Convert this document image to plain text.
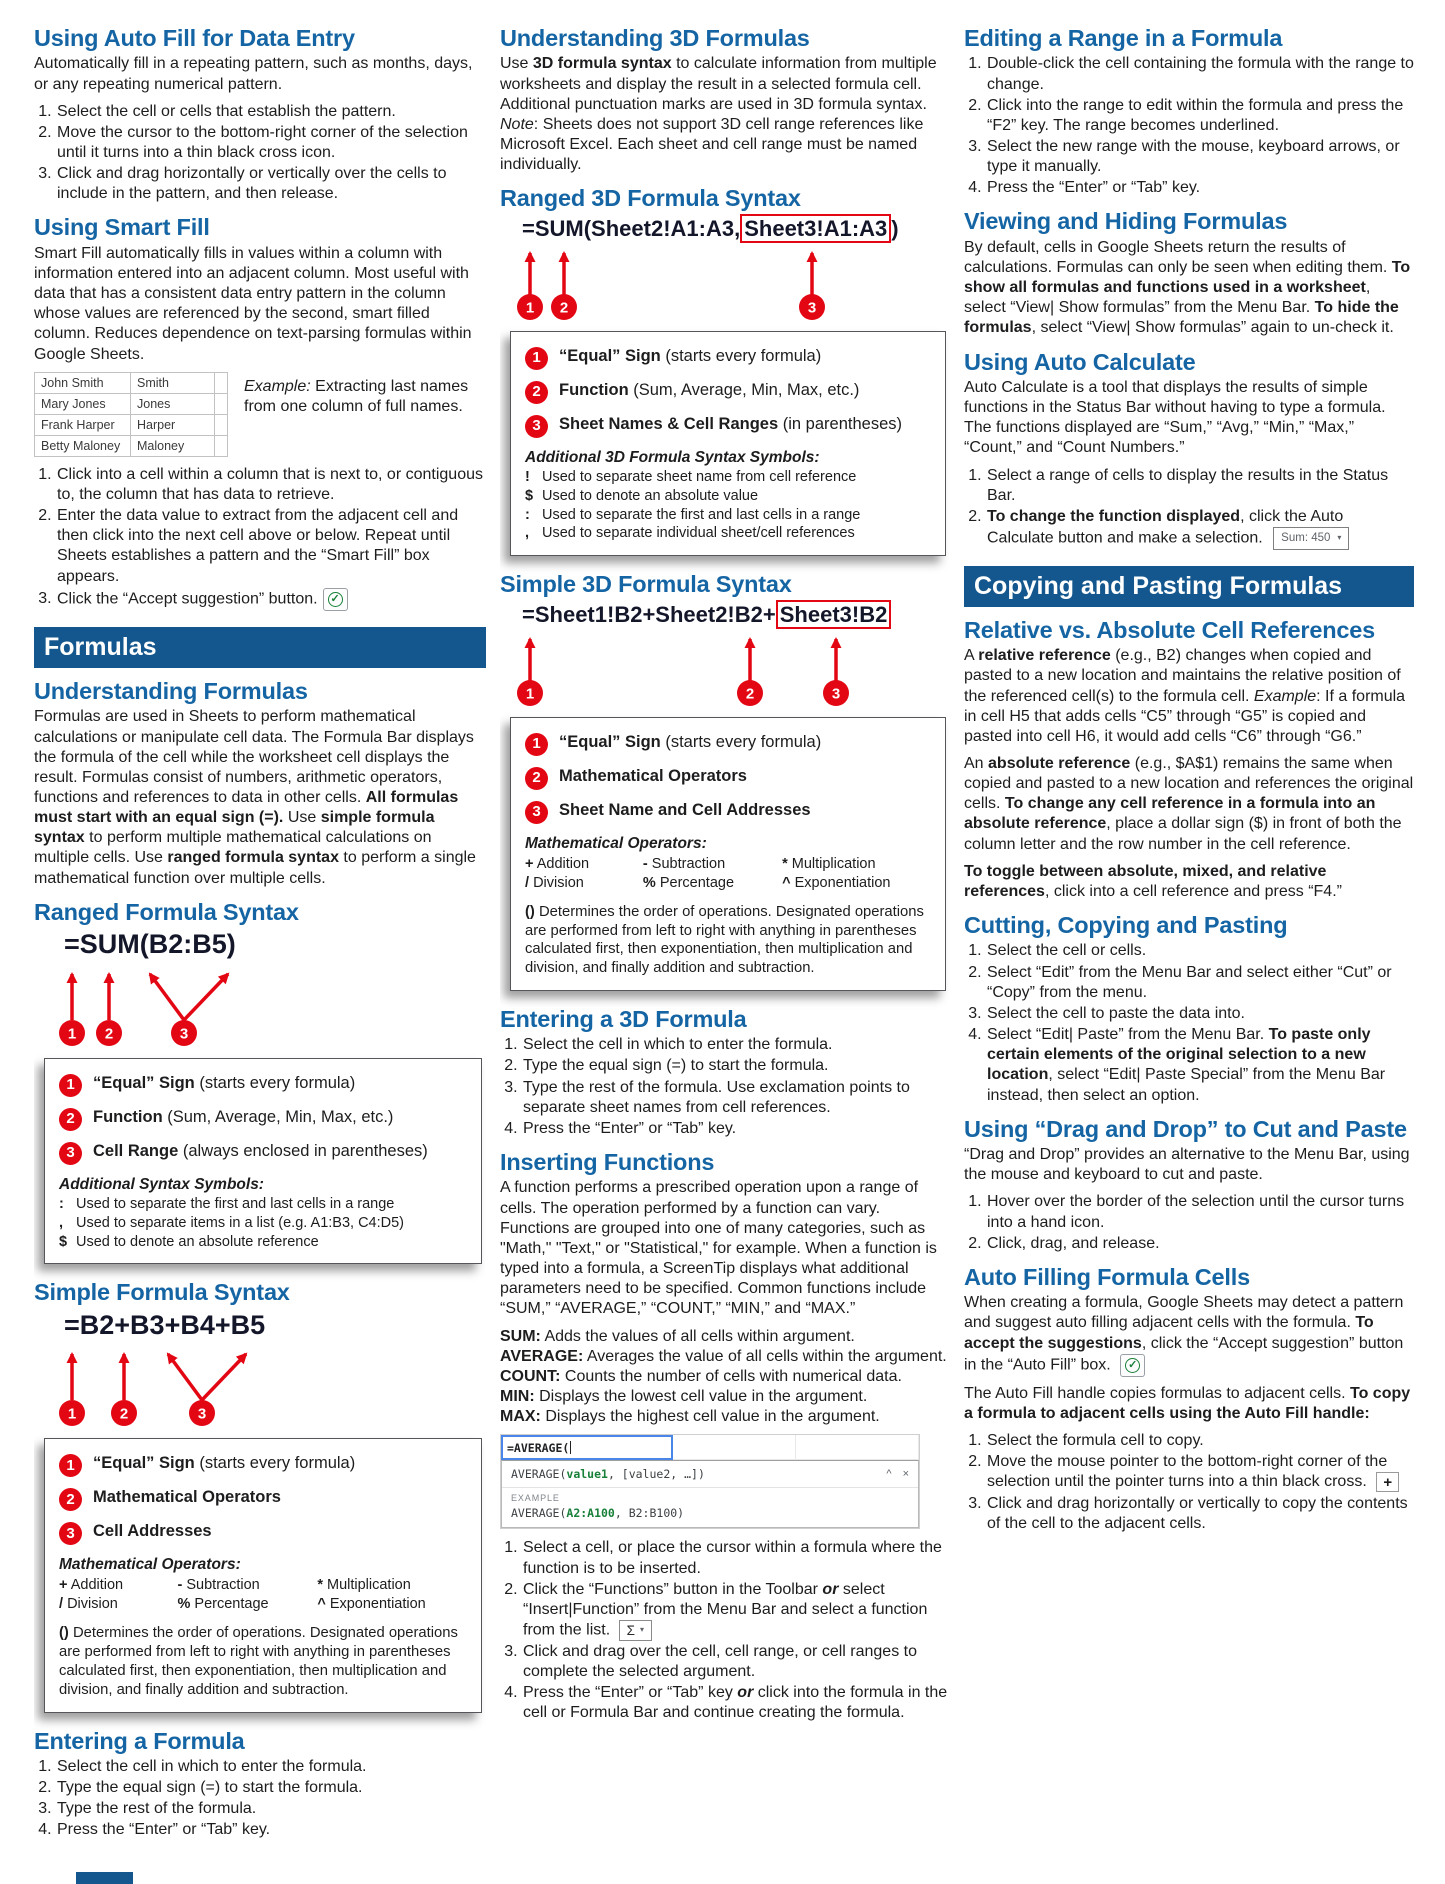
Using Auto Fill for Data Entry

Automatically fill in a repeating pattern, such as months, days, or any repeating numerical pattern.

1. Select the cell or cells that establish the pattern.
2. Move the cursor to the bottom-right corner of the selection until it turns into a thin black cross icon.
3. Click and drag horizontally or vertically over the cells to include in the pattern, and then release.
Using Smart Fill

Smart Fill automatically fills in values within a column with information entered into an adjacent column. Most useful with data that has a consistent data entry pattern in the column whose values are referenced by the second, smart filled column. Reduces dependence on text-parsing formulas within Google Sheets.

John Smith	Smith	
Mary Jones	Jones	
Frank Harper	Harper	
Betty Maloney	Maloney	
Example: Extracting last names from one column of full names.
1. Click into a cell within a column that is next to, or contiguous to, the column that has data to retrieve.
2. Enter the data value to extract from the adjacent cell and then click into the next cell above or below. Repeat until Sheets establishes a pattern and the “Smart Fill” box appears.
3. Click the “Accept suggestion” button. ✓
Formulas
Understanding Formulas

Formulas are used in Sheets to perform mathematical calculations or manipulate cell data. The Formula Bar displays the formula of the cell while the worksheet cell displays the result. Formulas consist of numbers, arithmetic operators, functions and references to data in other cells. All formulas must start with an equal sign (=). Use simple formula syntax to perform multiple mathematical calculations on multiple cells. Use ranged formula syntax to perform a single mathematical function over multiple cells.

Ranged Formula Syntax
=SUM(B2:B5)
1 2	3
1	“Equal” Sign (starts every formula)
2	Function (Sum, Average, Min, Max, etc.)
3	Cell Range (always enclosed in parentheses)
Additional Syntax Symbols:
: Used to separate the first and last cells in a range
, Used to separate items in a list (e.g. A1:B3, C4:D5)
$ Used to denote an absolute reference
Simple Formula Syntax
=B2+B3+B4+B5
1	2	3
1	“Equal” Sign (starts every formula)
2	Mathematical Operators
3	Cell Addresses
Mathematical Operators:
+ Addition	- Subtraction	* Multiplication
/ Division	% Percentage	^ Exponentiation

() Determines the order of operations. Designated operations are performed from left to right with anything in parentheses calculated first, then exponentiation, then multiplication and division, and finally addition and subtraction.

Entering a Formula
1. Select the cell in which to enter the formula.
2. Type the equal sign (=) to start the formula.
3. Type the rest of the formula.
4. Press the “Enter” or “Tab” key.
Understanding 3D Formulas

Use 3D formula syntax to calculate information from multiple worksheets and display the result in a selected formula cell. Additional punctuation marks are used in 3D formula syntax. Note: Sheets does not support 3D cell range references like Microsoft Excel. Each sheet and cell range must be named individually.

Ranged 3D Formula Syntax
=SUM(Sheet2!A1:A3, Sheet3!A1:A3 )
1 2	3
1	“Equal” Sign (starts every formula)
2	Function (Sum, Average, Min, Max, etc.)
3	Sheet Names & Cell Ranges (in parentheses)
Additional 3D Formula Syntax Symbols:
! Used to separate sheet name from cell reference
$ Used to denote an absolute value
: Used to separate the first and last cells in a range
, Used to separate individual sheet/cell references
Simple 3D Formula Syntax
=Sheet1!B2+Sheet2!B2+ Sheet3!B2
1	2	3
1	“Equal” Sign (starts every formula)
2	Mathematical Operators
3	Sheet Name and Cell Addresses
Mathematical Operators:
+ Addition	- Subtraction	* Multiplication
/ Division	% Percentage	^ Exponentiation

() Determines the order of operations. Designated operations are performed from left to right with anything in parentheses calculated first, then exponentiation, then multiplication and division, and finally addition and subtraction.

Entering a 3D Formula
1. Select the cell in which to enter the formula.
2. Type the equal sign (=) to start the formula.
3. Type the rest of the formula. Use exclamation points to separate sheet names from cell references.
4. Press the “Enter” or “Tab” key.
Inserting Functions

A function performs a prescribed operation upon a range of cells. The operation performed by a function can vary. Functions are grouped into one of many categories, such as "Math," "Text," or "Statistical," for example. When a function is typed into a formula, a ScreenTip displays what additional parameters need to be specified. Common functions include “SUM,” “AVERAGE,” “COUNT,” “MIN,” and “MAX.”

SUM: Adds the values of all cells within argument.
AVERAGE: Averages the value of all cells within the argument.
COUNT: Counts the number of cells with numerical data.
MIN: Displays the lowest cell value in the argument.
MAX: Displays the highest cell value in the argument.

=AVERAGE(
AVERAGE(value1, [value2, …])	^ ×
EXAMPLE
AVERAGE(A2:A100, B2:B100)
1. Select a cell, or place the cursor within a formula where the function is to be inserted.
2. Click the “Functions” button in the Toolbar or select “Insert|Function” from the Menu Bar and select a function from the list. Σ ▾
3. Click and drag over the cell, cell range, or cell ranges to complete the selected argument.
4. Press the “Enter” or “Tab” key or click into the formula in the cell or Formula Bar and continue creating the formula.
Editing a Range in a Formula
1. Double-click the cell containing the formula with the range to change.
2. Click into the range to edit within the formula and press the “F2” key. The range becomes underlined.
3. Select the new range with the mouse, keyboard arrows, or type it manually.
4. Press the “Enter” or “Tab” key.
Viewing and Hiding Formulas

By default, cells in Google Sheets return the results of calculations. Formulas can only be seen when editing them. To show all formulas and functions used in a worksheet, select “View| Show formulas” from the Menu Bar. To hide the formulas, select “View| Show formulas” again to un-check it.

Using Auto Calculate

Auto Calculate is a tool that displays the results of simple functions in the Status Bar without having to type a formula. The functions displayed are “Sum,” “Avg,” “Min,” “Max,” “Count,” and “Count Numbers.”

1. Select a range of cells to display the results in the Status Bar.
2. To change the function displayed, click the Auto Calculate button and make a selection. Sum: 450 ▾
Copying and Pasting Formulas
Relative vs. Absolute Cell References

A relative reference (e.g., B2) changes when copied and pasted to a new location and maintains the relative position of the referenced cell(s) to the formula cell. Example: If a formula in cell H5 that adds cells “C5” through “G5” is copied and pasted into cell H6, it would add cells “C6” through “G6.”

An absolute reference (e.g., $A$1) remains the same when copied and pasted to a new location and references the original cells. To change any cell reference in a formula into an absolute reference, place a dollar sign ($) in front of both the column letter and the row number in the cell reference.

To toggle between absolute, mixed, and relative references, click into a cell reference and press “F4.”

Cutting, Copying and Pasting
1. Select the cell or cells.
2. Select “Edit” from the Menu Bar and select either “Cut” or “Copy” from the menu.
3. Select the cell to paste the data into.
4. Select “Edit| Paste” from the Menu Bar. To paste only certain elements of the original selection to a new location, select “Edit| Paste Special” from the Menu Bar instead, then select an option.
Using “Drag and Drop” to Cut and Paste

“Drag and Drop” provides an alternative to the Menu Bar, using the mouse and keyboard to cut and paste.

1. Hover over the border of the selection until the cursor turns into a hand icon.
2. Click, drag, and release.
Auto Filling Formula Cells

When creating a formula, Google Sheets may detect a pattern and suggest auto filling adjacent cells with the formula. To accept the suggestions, click the “Accept suggestion” button in the “Auto Fill” box. ✓

The Auto Fill handle copies formulas to adjacent cells. To copy a formula to adjacent cells using the Auto Fill handle:

1. Select the formula cell to copy.
2. Move the mouse pointer to the bottom-right corner of the selection until the pointer turns into a thin black cross. +
3. Click and drag horizontally or vertically to copy the contents of the cell to the adjacent cells.
